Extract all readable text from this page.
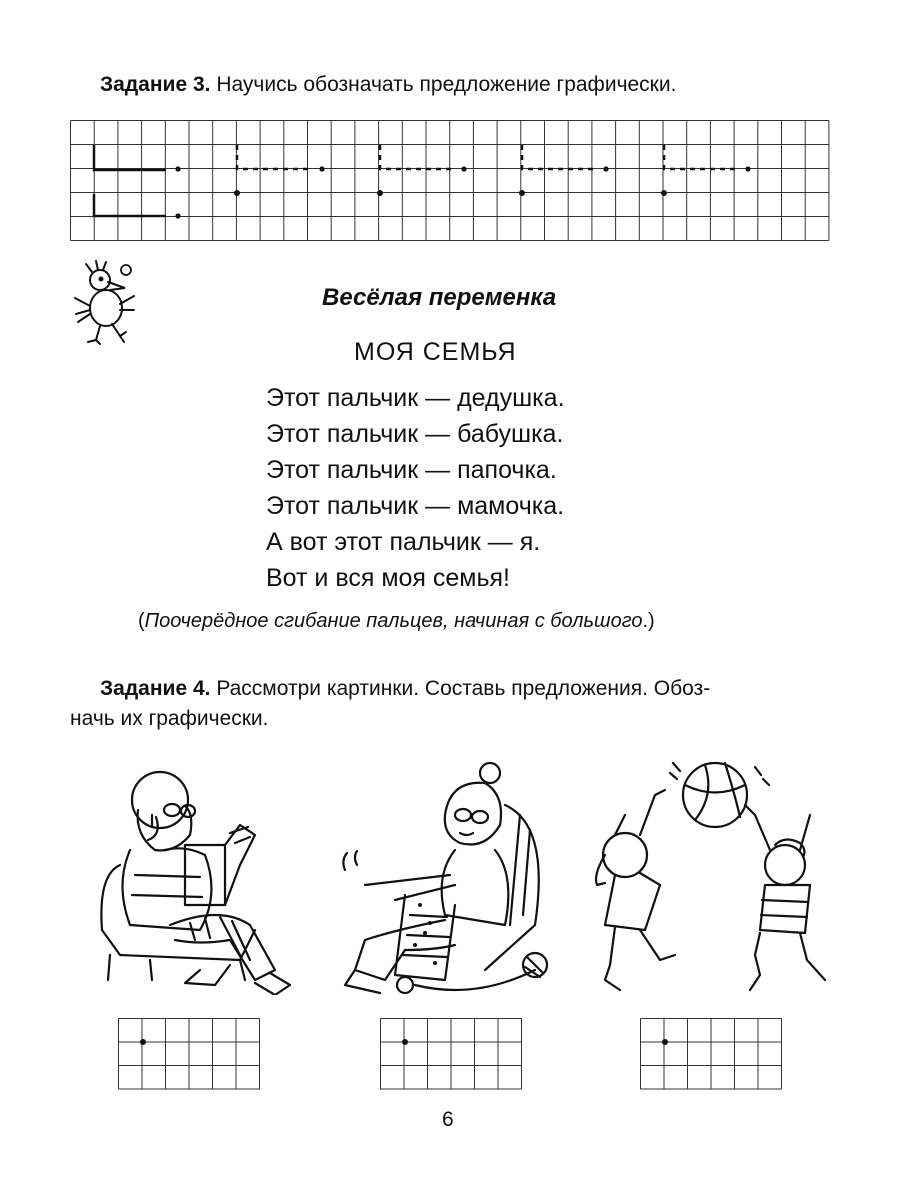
Задание 3. Научись обозначать предложение графически.
Весёлая переменка
МОЯ СЕМЬЯ
Этот пальчик — дедушка.
Этот пальчик — бабушка.
Этот пальчик — папочка.
Этот пальчик — мамочка.
А вот этот пальчик — я.
Вот и вся моя семья!
(Поочерёдное сгибание пальцев, начиная с большого.)
Задание 4. Рассмотри картинки. Составь предложения. Обоз-
начь их графически.
6
